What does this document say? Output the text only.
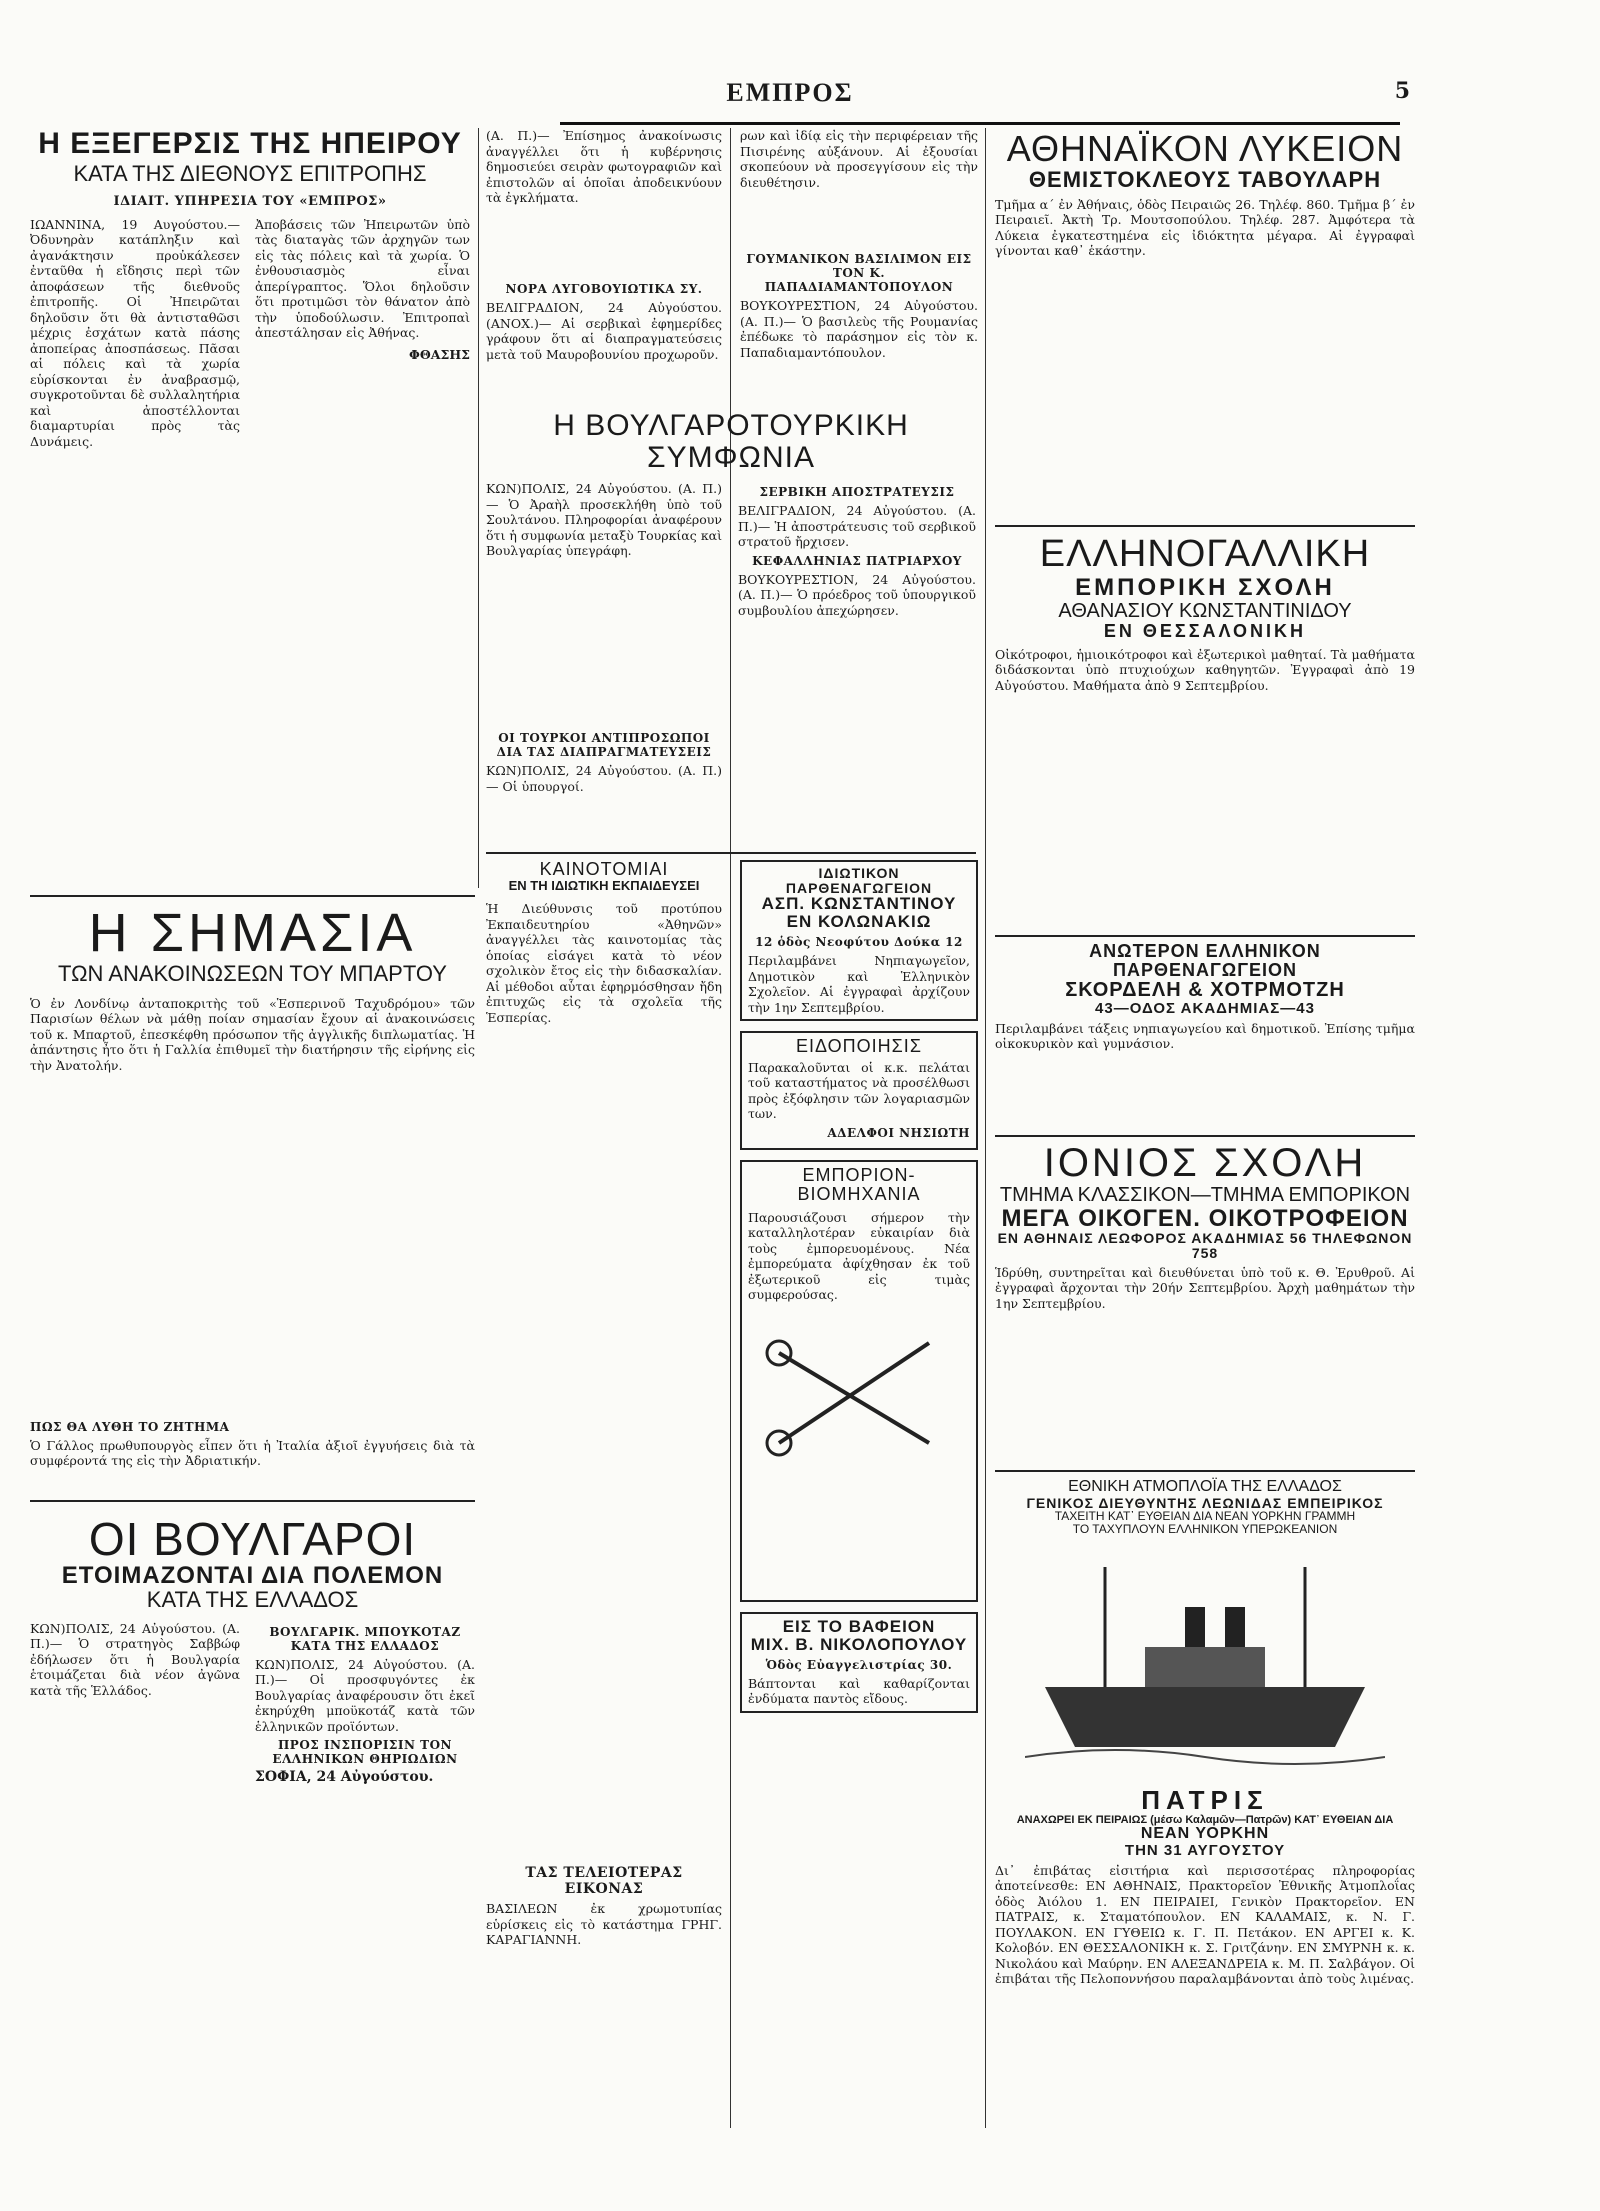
ΕΜΠΡΟΣ	5
Η ΕΞΕΓΕΡΣΙΣ ΤΗΣ ΗΠΕΙΡΟΥ
ΚΑΤΑ ΤΗΣ ΔΙΕΘΝΟΥΣ ΕΠΙΤΡΟΠΗΣ
ΙΔΙΑΙΤ. ΥΠΗΡΕΣΙΑ ΤΟΥ «ΕΜΠΡΟΣ»
ΙΩΑΝΝΙΝΑ, 19 Αυγούστου.— Ὀδυνηρὰν κατάπληξιν καὶ ἀγανάκτησιν προὐκάλεσεν ἐνταῦθα ἡ εἴδησις περὶ τῶν ἀποφάσεων τῆς διεθνοῦς ἐπιτροπῆς. Οἱ Ἠπειρῶται δηλοῦσιν ὅτι θὰ ἀντισταθῶσι μέχρις ἐσχάτων κατὰ πάσης ἀποπείρας ἀποσπάσεως. Πᾶσαι αἱ πόλεις καὶ τὰ χωρία εὑρίσκονται ἐν ἀναβρασμῷ, συγκροτοῦνται δὲ συλλαλητήρια καὶ ἀποστέλλονται διαμαρτυρίαι πρὸς τὰς Δυνάμεις.
Ἀποβάσεις τῶν Ἠπειρωτῶν ὑπὸ τὰς διαταγὰς τῶν ἀρχηγῶν των εἰς τὰς πόλεις καὶ τὰ χωρία. Ὁ ἐνθουσιασμὸς εἶναι ἀπερίγραπτος. Ὅλοι δηλοῦσιν ὅτι προτιμῶσι τὸν θάνατον ἀπὸ τὴν ὑποδούλωσιν. Ἐπιτροπαὶ ἀπεστάλησαν εἰς Ἀθήνας.
ΦΘΑΣΗΣ
Η ΣΗΜΑΣΙΑ
ΤΩΝ ΑΝΑΚΟΙΝΩΣΕΩΝ ΤΟΥ ΜΠΑΡΤΟΥ
Ὁ ἐν Λονδίνῳ ἀνταποκριτὴς τοῦ «Ἑσπερινοῦ Ταχυδρόμου» τῶν Παρισίων θέλων νὰ μάθῃ ποίαν σημασίαν ἔχουν αἱ ἀνακοινώσεις τοῦ κ. Μπαρτοῦ, ἐπεσκέφθη πρόσωπον τῆς ἀγγλικῆς διπλωματίας. Ἡ ἀπάντησις ἦτο ὅτι ἡ Γαλλία ἐπιθυμεῖ τὴν διατήρησιν τῆς εἰρήνης εἰς τὴν Ἀνατολήν.
ΠΩΣ ΘΑ ΛΥΘΗ ΤΟ ΖΗΤΗΜΑ
Ὁ Γάλλος πρωθυπουργὸς εἶπεν ὅτι ἡ Ἰταλία ἀξιοῖ ἐγγυήσεις διὰ τὰ συμφέροντά της εἰς τὴν Ἀδριατικήν.
ΟΙ ΒΟΥΛΓΑΡΟΙ
ΕΤΟΙΜΑΖΟΝΤΑΙ ΔΙΑ ΠΟΛΕΜΟΝ
ΚΑΤΑ ΤΗΣ ΕΛΛΑΔΟΣ
ΚΩΝ)ΠΟΛΙΣ, 24 Αὐγούστου. (Α. Π.)— Ὁ στρατηγὸς Σαββώφ ἐδήλωσεν ὅτι ἡ Βουλγαρία ἑτοιμάζεται διὰ νέον ἀγῶνα κατὰ τῆς Ἑλλάδος.
ΒΟΥΛΓΑΡΙΚ. ΜΠΟΥΚΟΤΑΖ ΚΑΤΑ ΤΗΣ ΕΛΛΑΔΟΣ
ΚΩΝ)ΠΟΛΙΣ, 24 Αὐγούστου. (Α. Π.)— Οἱ προσφυγόντες ἐκ Βουλγαρίας ἀναφέρουσιν ὅτι ἐκεῖ ἐκηρύχθη μποϋκοτάζ κατὰ τῶν ἑλληνικῶν προϊόντων.
ΠΡΟΣ ΙΝΣΠΟΡΙΣΙΝ ΤΟΝ ΕΛΛΗΝΙΚΩΝ ΘΗΡΙΩΔΙΩΝ
ΣΟΦΙΑ, 24 Αὐγούστου.
(Α. Π.)— Ἐπίσημος ἀνακοίνωσις ἀναγγέλλει ὅτι ἡ κυβέρνησις δημοσιεύει σειρὰν φωτογραφιῶν καὶ ἐπιστολῶν αἱ ὁποῖαι ἀποδεικνύουν τὰ ἐγκλήματα.
ΝΟΡΑ ΛΥΓΟΒΟΥΙΩΤΙΚΑ ΣΥ.
ΒΕΛΙΓΡΑΔΙΟΝ, 24 Αὐγούστου. (ΑΝΟΧ.)— Αἱ σερβικαὶ ἐφημερίδες γράφουν ὅτι αἱ διαπραγματεύσεις μετὰ τοῦ Μαυροβουνίου προχωροῦν.
ρων καὶ ἰδίᾳ εἰς τὴν περιφέρειαν τῆς Πισιρένης αὐξάνουν. Αἱ ἐξουσίαι σκοπεύουν νὰ προσεγγίσουν εἰς τὴν διευθέτησιν.
ΓΟΥΜΑΝΙΚΟΝ ΒΑΣΙΛΙΜΟΝ ΕΙΣ ΤΟΝ Κ. ΠΑΠΑΔΙΑΜΑΝΤΟΠΟΥΛΟΝ
ΒΟΥΚΟΥΡΕΣΤΙΟΝ, 24 Αὐγούστου. (Α. Π.)— Ὁ βασιλεὺς τῆς Ρουμανίας ἐπέδωκε τὸ παράσημον εἰς τὸν κ. Παπαδιαμαντόπουλον.
Η ΒΟΥΛΓΑΡΟΤΟΥΡΚΙΚΗ ΣΥΜΦΩΝΙΑ
ΚΩΝ)ΠΟΛΙΣ, 24 Αὐγούστου. (Α. Π.)— Ὁ Ἀραὴλ προσεκλήθη ὑπὸ τοῦ Σουλτάνου. Πληροφορίαι ἀναφέρουν ὅτι ἡ συμφωνία μεταξὺ Τουρκίας καὶ Βουλγαρίας ὑπεγράφη.
ΣΕΡΒΙΚΗ ΑΠΟΣΤΡΑΤΕΥΣΙΣ
ΒΕΛΙΓΡΑΔΙΟΝ, 24 Αὐγούστου. (Α. Π.)— Ἡ ἀποστράτευσις τοῦ σερβικοῦ στρατοῦ ἤρχισεν.
ΚΕΦΑΛΛΗΝΙΑΣ ΠΑΤΡΙΑΡΧΟΥ
ΒΟΥΚΟΥΡΕΣΤΙΟΝ, 24 Αὐγούστου. (Α. Π.)— Ὁ πρόεδρος τοῦ ὑπουργικοῦ συμβουλίου ἀπεχώρησεν.
ΟΙ ΤΟΥΡΚΟΙ ΑΝΤΙΠΡΟΣΩΠΟΙ ΔΙΑ ΤΑΣ ΔΙΑΠΡΑΓΜΑΤΕΥΣΕΙΣ
ΚΩΝ)ΠΟΛΙΣ, 24 Αὐγούστου. (Α. Π.)— Οἱ ὑπουργοί.
ΚΑΙΝΟΤΟΜΙΑΙ
ΕΝ ΤΗ ΙΔΙΩΤΙΚΗ ΕΚΠΑΙΔΕΥΣΕΙ
Ἡ Διεύθυνσις τοῦ προτύπου Ἐκπαιδευτηρίου «Ἀθηνῶν» ἀναγγέλλει τὰς καινοτομίας τὰς ὁποίας εἰσάγει κατὰ τὸ νέον σχολικὸν ἔτος εἰς τὴν διδασκαλίαν. Αἱ μέθοδοι αὗται ἐφηρμόσθησαν ἤδη ἐπιτυχῶς εἰς τὰ σχολεῖα τῆς Ἑσπερίας.
ΤΑΣ ΤΕΛΕΙΟΤΕΡΑΣ ΕΙΚΟΝΑΣ
ΒΑΣΙΛΕΩΝ ἐκ χρωμοτυπίας εὑρίσκεις εἰς τὸ κατάστημα ΓΡΗΓ. ΚΑΡΑΓΙΑΝΝΗ.
ΙΔΙΩΤΙΚΟΝ ΠΑΡΘΕΝΑΓΩΓΕΙΟΝ
ΑΣΠ. ΚΩΝΣΤΑΝΤΙΝΟΥ
ΕΝ ΚΟΛΩΝΑΚΙΩ
12 ὁδὸς Νεοφύτου Δούκα 12
Περιλαμβάνει Νηπιαγωγεῖον, Δημοτικὸν καὶ Ἑλληνικὸν Σχολεῖον. Αἱ ἐγγραφαὶ ἀρχίζουν τὴν 1ην Σεπτεμβρίου.
ΕΙΔΟΠΟΙΗΣΙΣ
Παρακαλοῦνται οἱ κ.κ. πελάται τοῦ καταστήματος νὰ προσέλθωσι πρὸς ἐξόφλησιν τῶν λογαριασμῶν των.
ΑΔΕΛΦΟΙ ΝΗΣΙΩΤΗ
ΕΜΠΟΡΙΟΝ-ΒΙΟΜΗΧΑΝΙΑ
Παρουσιάζουσι σήμερον τὴν καταλληλοτέραν εὐκαιρίαν διὰ τοὺς ἐμπορευομένους. Νέα ἐμπορεύματα ἀφίχθησαν ἐκ τοῦ ἐξωτερικοῦ εἰς τιμὰς συμφερούσας.
ΕΙΣ ΤΟ ΒΑΦΕΙΟΝ
ΜΙΧ. Β. ΝΙΚΟΛΟΠΟΥΛΟΥ
Ὁδὸς Εὐαγγελιστρίας 30.
Βάπτονται καὶ καθαρίζονται ἐνδύματα παντὸς εἴδους.
ΑΘΗΝΑΪΚΟΝ ΛΥΚΕΙΟΝ
ΘΕΜΙΣΤΟΚΛΕΟΥΣ ΤΑΒΟΥΛΑΡΗ
Τμῆμα α΄ ἐν Ἀθήναις, ὁδὸς Πειραιῶς 26. Τηλέφ. 860. Τμῆμα β΄ ἐν Πειραιεῖ. Ἀκτὴ Τρ. Μουτσοπούλου. Τηλέφ. 287. Ἀμφότερα τὰ Λύκεια ἐγκατεστημένα εἰς ἰδιόκτητα μέγαρα. Αἱ ἐγγραφαὶ γίνονται καθ᾽ ἑκάστην.
ΕΛΛΗΝΟΓΑΛΛΙΚΗ
ΕΜΠΟΡΙΚΗ ΣΧΟΛΗ
ΑΘΑΝΑΣΙΟΥ ΚΩΝΣΤΑΝΤΙΝΙΔΟΥ
ΕΝ ΘΕΣΣΑΛΟΝΙΚΗ
Οἰκότροφοι, ἡμιοικότροφοι καὶ ἐξωτερικοὶ μαθηταί. Τὰ μαθήματα διδάσκονται ὑπὸ πτυχιούχων καθηγητῶν. Ἐγγραφαὶ ἀπὸ 19 Αὐγούστου. Μαθήματα ἀπὸ 9 Σεπτεμβρίου.
ΑΝΩΤΕΡΟΝ ΕΛΛΗΝΙΚΟΝ ΠΑΡΘΕΝΑΓΩΓΕΙΟΝ
ΣΚΟΡΔΕΛΗ & ΧΟΤΡΜΟΤΖΗ
43—ΟΔΟΣ ΑΚΑΔΗΜΙΑΣ—43
Περιλαμβάνει τάξεις νηπιαγωγείου καὶ δημοτικοῦ. Ἐπίσης τμῆμα οἰκοκυρικὸν καὶ γυμνάσιον.
ΙΟΝΙΟΣ ΣΧΟΛΗ
ΤΜΗΜΑ ΚΛΑΣΣΙΚΟΝ—ΤΜΗΜΑ ΕΜΠΟΡΙΚΟΝ
ΜΕΓΑ ΟΙΚΟΓΕΝ. ΟΙΚΟΤΡΟΦΕΙΟΝ
ΕΝ ΑΘΗΝΑΙΣ ΛΕΩΦΟΡΟΣ ΑΚΑΔΗΜΙΑΣ 56 ΤΗΛΕΦΩΝΟΝ 758
Ἱδρύθη, συντηρεῖται καὶ διευθύνεται ὑπὸ τοῦ κ. Θ. Ἐρυθροῦ. Αἱ ἐγγραφαὶ ἄρχονται τὴν 20ήν Σεπτεμβρίου. Ἀρχὴ μαθημάτων τὴν 1ην Σεπτεμβρίου.
ΕΘΝΙΚΗ ΑΤΜΟΠΛΟΪΑ ΤΗΣ ΕΛΛΑΔΟΣ
ΓΕΝΙΚΟΣ ΔΙΕΥΘΥΝΤΗΣ ΛΕΩΝΙΔΑΣ ΕΜΠΕΙΡΙΚΟΣ
ΤΑΧΕΙΤΗ ΚΑΤ᾽ ΕΥΘΕΙΑΝ ΔΙΑ ΝΕΑΝ ΥΟΡΚΗΝ ΓΡΑΜΜΗ
ΤΟ ΤΑΧΥΠΛΟΥΝ ΕΛΛΗΝΙΚΟΝ ΥΠΕΡΩΚΕΑΝΙΟΝ
ΠΑΤΡΙΣ
ΑΝΑΧΩΡΕΙ ΕΚ ΠΕΙΡΑΙΩΣ (μέσω Καλαμῶν—Πατρῶν) ΚΑΤ᾽ ΕΥΘΕΙΑΝ ΔΙΑ
ΝΕΑΝ ΥΟΡΚΗΝ
ΤΗΝ 31 ΑΥΓΟΥΣΤΟΥ
Δι᾽ ἐπιβάτας εἰσιτήρια καὶ περισσοτέρας πληροφορίας ἀποτείνεσθε: ΕΝ ΑΘΗΝΑΙΣ, Πρακτορεῖον Ἐθνικῆς Ἀτμοπλοΐας ὁδὸς Ἀιόλου 1. ΕΝ ΠΕΙΡΑΙΕΙ, Γενικὸν Πρακτορεῖον. ΕΝ ΠΑΤΡΑΙΣ, κ. Σταματόπουλον. ΕΝ ΚΑΛΑΜΑΙΣ, κ. Ν. Γ. ΠΟΥΛΑΚΟΝ. ΕΝ ΓΥΘΕΙΩ κ. Γ. Π. Πετάκον. ΕΝ ΑΡΓΕΙ κ. Κ. Κολοβόν. ΕΝ ΘΕΣΣΑΛΟΝΙΚΗ κ. Σ. Γριτζάνην. ΕΝ ΣΜΥΡΝΗ κ. κ. Νικολάου καὶ Μαύρην. ΕΝ ΑΛΕΞΑΝΔΡΕΙΑ κ. Μ. Π. Σαλβάγον. Οἱ ἐπιβάται τῆς Πελοποννήσου παραλαμβάνονται ἀπὸ τοὺς λιμένας.
